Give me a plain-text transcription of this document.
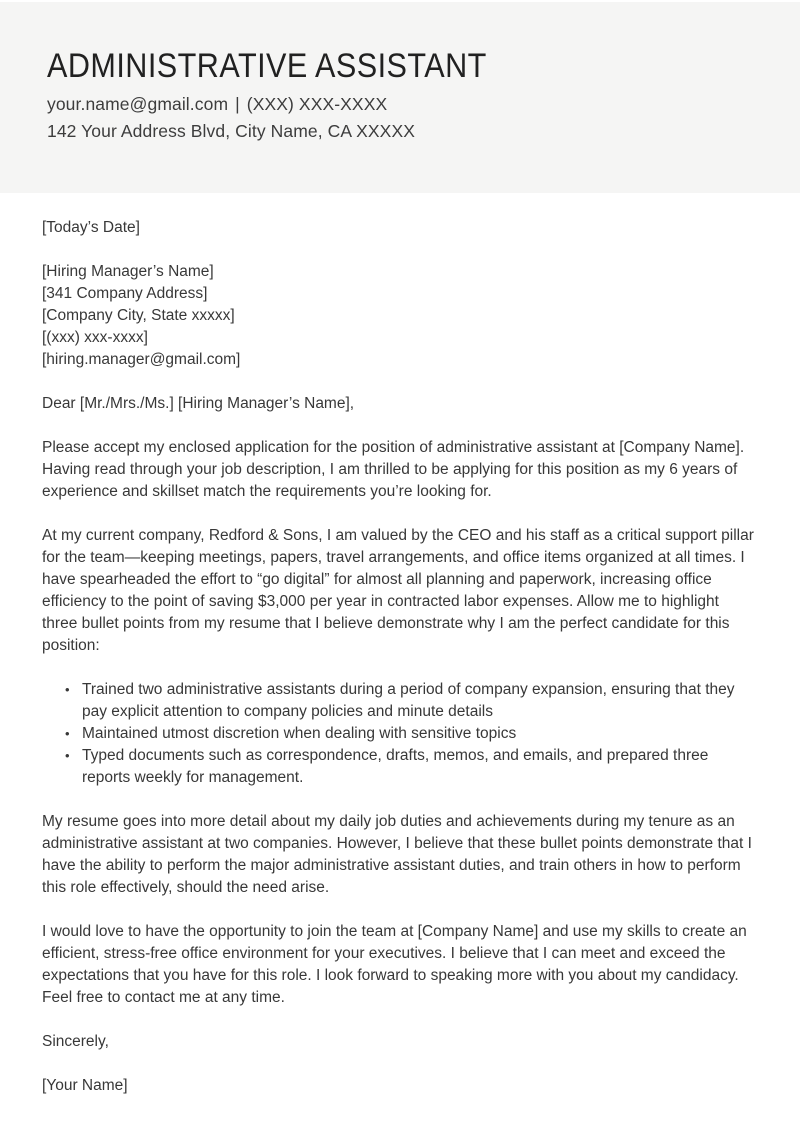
ADMINISTRATIVE ASSISTANT
your.name@gmail.com | (XXX) XXX-XXXX
142 Your Address Blvd, City Name, CA XXXXX

[Today’s Date]

[Hiring Manager’s Name]
[341 Company Address]
[Company City, State xxxxx]
[(xxx) xxx-xxxx]
[hiring.manager@gmail.com]

Dear [Mr./Mrs./Ms.] [Hiring Manager’s Name],

Please accept my enclosed application for the position of administrative assistant at [Company Name]. Having read through your job description, I am thrilled to be applying for this position as my 6 years of experience and skillset match the requirements you’re looking for.

At my current company, Redford & Sons, I am valued by the CEO and his staff as a critical support pillar for the team—keeping meetings, papers, travel arrangements, and office items organized at all times. I have spearheaded the effort to “go digital” for almost all planning and paperwork, increasing office efficiency to the point of saving $3,000 per year in contracted labor expenses. Allow me to highlight three bullet points from my resume that I believe demonstrate why I am the perfect candidate for this position:

• Trained two administrative assistants during a period of company expansion, ensuring that they pay explicit attention to company policies and minute details
• Maintained utmost discretion when dealing with sensitive topics
• Typed documents such as correspondence, drafts, memos, and emails, and prepared three reports weekly for management.

My resume goes into more detail about my daily job duties and achievements during my tenure as an administrative assistant at two companies. However, I believe that these bullet points demonstrate that I have the ability to perform the major administrative assistant duties, and train others in how to perform this role effectively, should the need arise.

I would love to have the opportunity to join the team at [Company Name] and use my skills to create an efficient, stress-free office environment for your executives. I believe that I can meet and exceed the expectations that you have for this role. I look forward to speaking more with you about my candidacy. Feel free to contact me at any time.

Sincerely,

[Your Name]
